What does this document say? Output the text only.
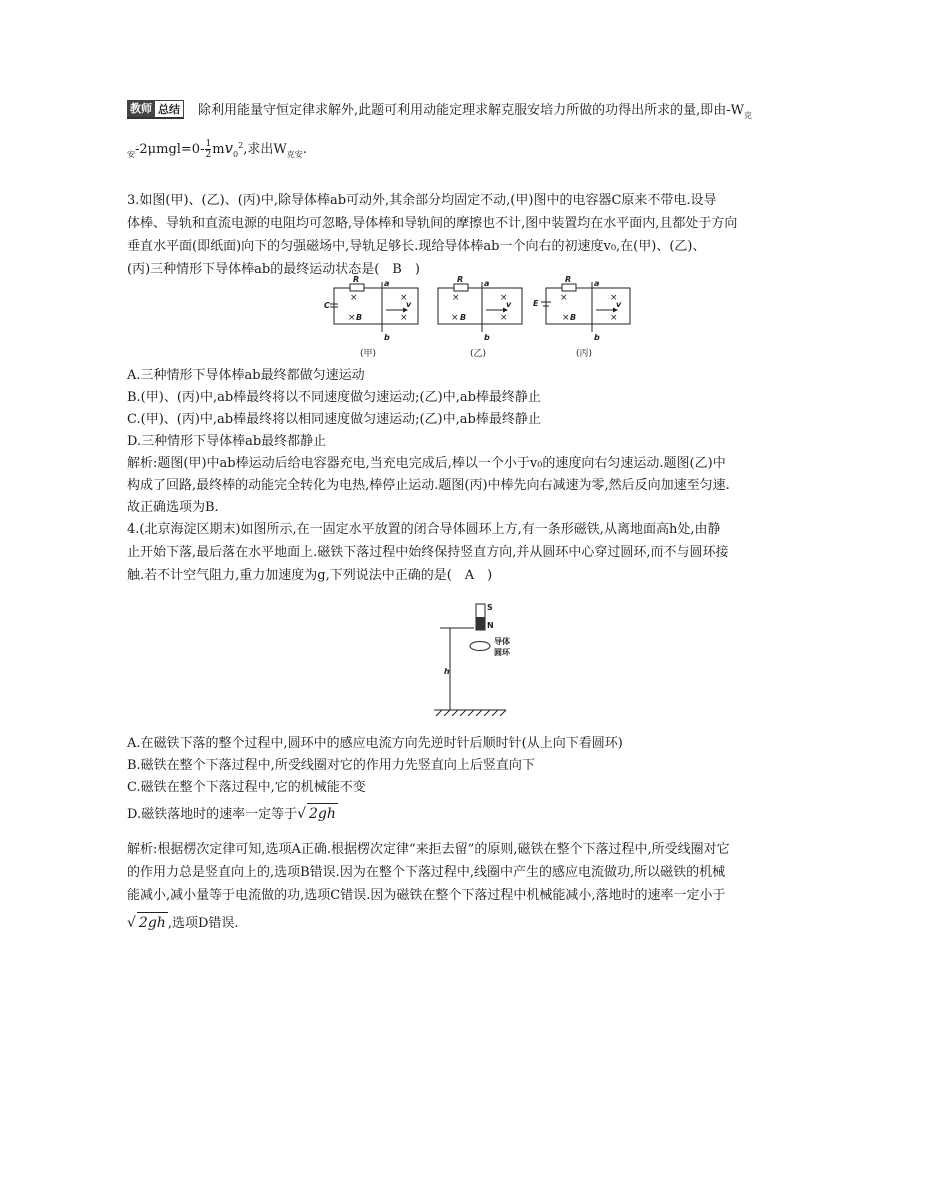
教师 总结	除利用能量守恒定律求解外,此题可利用动能定理求解克服安培力所做的功得出所求的量,即由$-W_克$
$_安-2\mu mgl=0- \frac{1}{2} mv_0^2$,求出$W_{克安}$.
3.如图(甲)、(乙)、(丙)中,除导体棒ab可动外,其余部分均固定不动,(甲)图中的电容器C原来不带电.设导
体棒、导轨和直流电源的电阻均可忽略,导体棒和导轨间的摩擦也不计,图中装置均在水平面内,且都处于方向
垂直水平面(即纸面)向下的匀强磁场中,导轨足够长.现给导体棒ab一个向右的初速度v₀,在(甲)、(乙)、
(丙)三种情形下导体棒ab的最终运动状态是(　B　)
R	a
b
C
B
v
R	a
b
B
v
R	a
b
E
B
v
×	×
×	×
×	×
×	×
×	×
×	×
(甲)	(乙)	(丙)
A.三种情形下导体棒ab最终都做匀速运动
B.(甲)、(丙)中,ab棒最终将以不同速度做匀速运动;(乙)中,ab棒最终静止
C.(甲)、(丙)中,ab棒最终将以相同速度做匀速运动;(乙)中,ab棒最终静止
D.三种情形下导体棒ab最终都静止
解析:题图(甲)中ab棒运动后给电容器充电,当充电完成后,棒以一个小于v₀的速度向右匀速运动.题图(乙)中
构成了回路,最终棒的动能完全转化为电热,棒停止运动.题图(丙)中棒先向右减速为零,然后反向加速至匀速.
故正确选项为B.
4.(北京海淀区期末)如图所示,在一固定水平放置的闭合导体圆环上方,有一条形磁铁,从离地面高h处,由静
止开始下落,最后落在水平地面上.磁铁下落过程中始终保持竖直方向,并从圆环中心穿过圆环,而不与圆环接
触.若不计空气阻力,重力加速度为g,下列说法中正确的是(　A　)
S
N
导体
圆环
h
A.在磁铁下落的整个过程中,圆环中的感应电流方向先逆时针后顺时针(从上向下看圆环)
B.磁铁在整个下落过程中,所受线圈对它的作用力先竖直向上后竖直向下
C.磁铁在整个下落过程中,它的机械能不变
D.磁铁落地时的速率一定等于√ 2gh
解析:根据楞次定律可知,选项A正确.根据楞次定律“来拒去留”的原则,磁铁在整个下落过程中,所受线圈对它
的作用力总是竖直向上的,选项B错误.因为在整个下落过程中,线圈中产生的感应电流做功,所以磁铁的机械
能减小,减小量等于电流做的功,选项C错误.因为磁铁在整个下落过程中机械能减小,落地时的速率一定小于
√ 2gh ,选项D错误.
